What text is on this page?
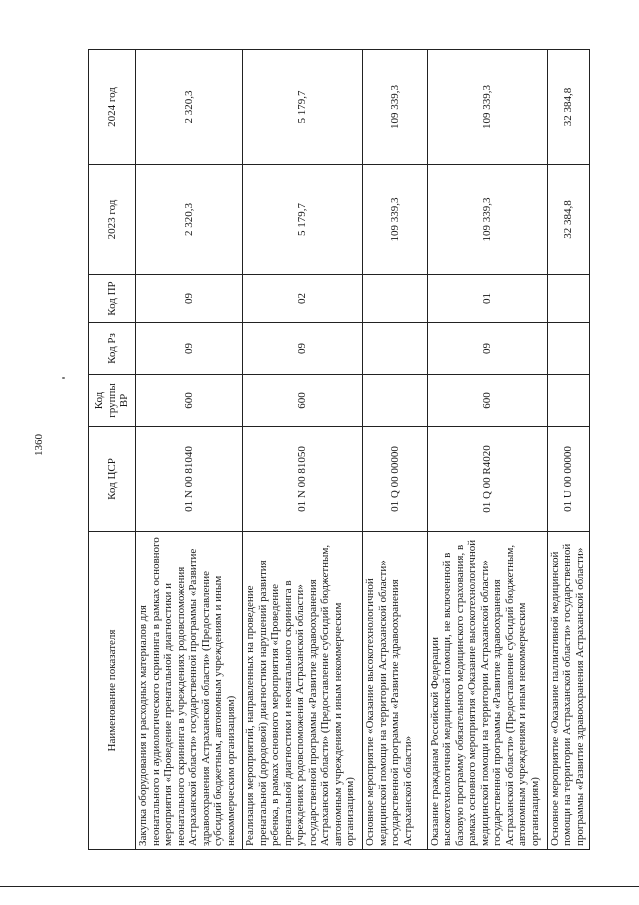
1360
Наименование показателя	Код ЦСР	Код группы ВР	Код Рз	Код ПР	2023 год	2024 год
Закупка оборудования и расходных материалов для неонатального и аудиологического скрининга в рамках основного мероприятия «Проведение пренатальной диагностики и неонатального скрининга в учреждениях родовспоможения Астраханской области» государственной программы «Развитие здравоохранения Астраханской области» (Предоставление субсидий бюджетным, автономным учреждениям и иным некоммерческим организациям)	01 N 00 81040	600	09	09	2 320,3	2 320,3
Реализация мероприятий, направленных на проведение пренатальной (дородовой) диагностики нарушений развития ребенка, в рамках основного мероприятия «Проведение пренатальной диагностики и неонатального скрининга в учреждениях родовспоможения Астраханской области» государственной программы «Развитие здравоохранения Астраханской области» (Предоставление субсидий бюджетным, автономным учреждениям и иным некоммерческим организациям)	01 N 00 81050	600	09	02	5 179,7	5 179,7
Основное мероприятие «Оказание высокотехнологичной медицинской помощи на территории Астраханской области» государственной программы «Развитие здравоохранения Астраханской области»	01 Q 00 00000				109 339,3	109 339,3
Оказание гражданам Российской Федерации высокотехнологичной медицинской помощи, не включенной в базовую программу обязательного медицинского страхования, в рамках основного мероприятия «Оказание высокотехнологичной медицинской помощи на территории Астраханской области» государственной программы «Развитие здравоохранения Астраханской области» (Предоставление субсидий бюджетным, автономным учреждениям и иным некоммерческим организациям)	01 Q 00 R4020	600	09	01	109 339,3	109 339,3
Основное мероприятие «Оказание паллиативной медицинской помощи на территории Астраханской области» государственной программы «Развитие здравоохранения Астраханской области»	01 U 00 00000				32 384,8	32 384,8
